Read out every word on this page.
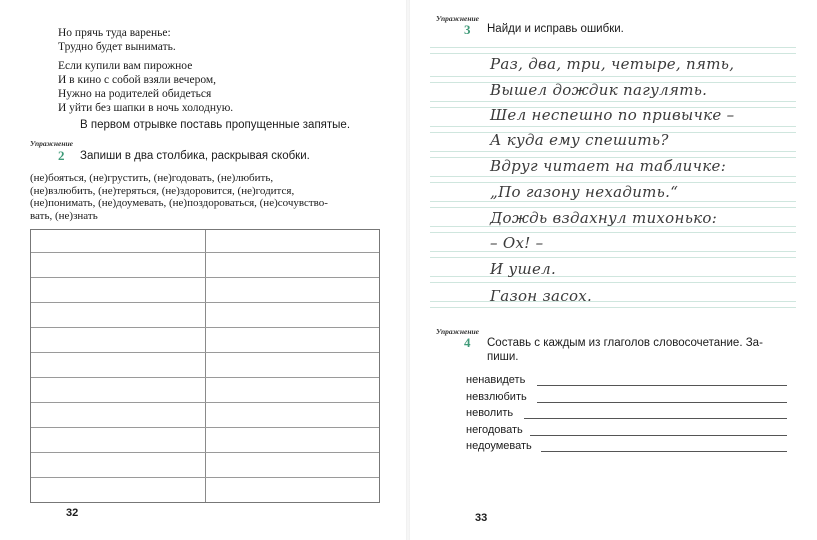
Но прячь туда варенье:
Трудно будет вынимать.
Если купили вам пирожное
И в кино с собой взяли вечером,
Нужно на родителей обидеться
И уйти без шапки в ночь холодную.
В первом отрывке поставь пропущенные запятые.
Упражнение
2 Запиши в два столбика, раскрывая скобки.
(не)бояться, (не)грустить, (не)годовать, (не)любить,
(не)взлюбить, (не)теряться, (не)здоровится, (не)годится,
(не)понимать, (не)доумевать, (не)поздороваться, (не)сочувство-
вать, (не)знать
32
Упражнение
3 Найди и исправь ошибки.
Раз, два, три, четыре, пять,
Вышел дождик пагулять.
Шел неспешно по привычке –
А куда ему спешить?
Вдруг читает на табличке:
„По газону нехадить.“
Дождь вздахнул тихонько:
– Ох! –
И ушел.
Газон засох.
Упражнение
4 Составь с каждым из глаголов словосочетание. За-
пиши.
ненавидеть
невзлюбить
неволить
негодовать
недоумевать
33
